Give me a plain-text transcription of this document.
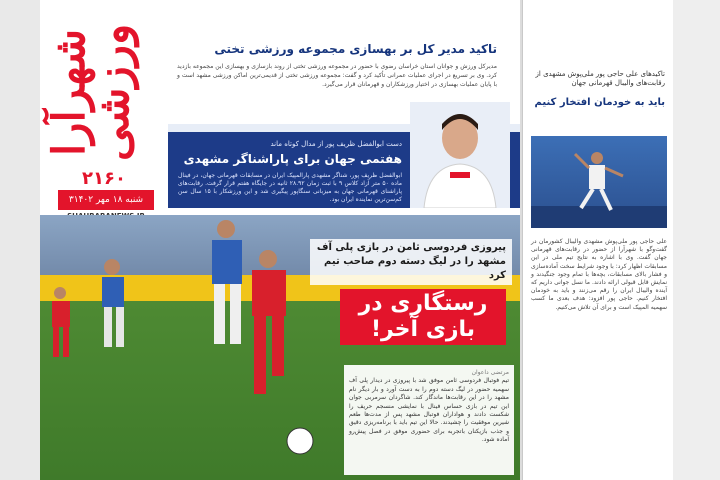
شهرآرا ورزشی
۲۱۶۰
۳شنبه ۱۸ مهر ۱۴۰۲
تاکید مدیر کل بر بهسازی مجموعه ورزشی تختی
مدیرکل ورزش و جوانان استان خراسان رضوی با حضور در مجموعه ورزشی تختی از روند بازسازی و بهسازی این مجموعه بازدید کرد. وی بر تسریع در اجرای عملیات عمرانی تأکید کرد و گفت: مجموعه ورزشی تختی از قدیمی‌ترین اماکن ورزشی مشهد است و با پایان عملیات بهسازی در اختیار ورزشکاران و قهرمانان قرار می‌گیرد.
دست ابوالفضل ظریف پور از مدال کوتاه ماند
هفتمی جهان برای پاراشناگر مشهدی
ابوالفضل ظریف پور، شناگر مشهدی پارالمپیک ایران در مسابقات قهرمانی جهان، در فینال ماده ۵۰ متر آزاد کلاس ۹ با ثبت زمان ۲۸.۹۲ ثانیه در جایگاه هفتم قرار گرفت. رقابت‌های پاراشنای قهرمانی جهان به میزبانی سنگاپور پیگیری شد و این ورزشکار با ۱۵ سال سن کم‌سن‌ترین نماینده ایران بود.
پیروزی فردوسی ثامن در بازی پلی آف مشهد را در لیگ دسته دوم صاحب تیم کرد
رستگاری در بازی آخر!
مرتضی داعوان
تیم فوتبال فردوسی ثامن موفق شد با پیروزی در دیدار پلی آف سهمیه حضور در لیگ دسته دوم را به دست آورد و بار دیگر نام مشهد را در این رقابت‌ها ماندگار کند. شاگردان سرمربی جوان این تیم در بازی حساس فینال با نمایشی منسجم حریف را شکست دادند و هواداران فوتبال مشهد پس از مدت‌ها طعم شیرین موفقیت را چشیدند. حالا این تیم باید با برنامه‌ریزی دقیق و جذب بازیکنان باتجربه برای حضوری موفق در فصل پیش‌رو آماده شود.
تاکیدهای علی حاجی پور ملی‌پوش مشهدی از رقابت‌های والیبال قهرمانی جهان
باید به خودمان افتخار کنیم
علی حاجی پور ملی‌پوش مشهدی والیبال کشورمان در گفت‌وگو با شهرآرا از حضور در رقابت‌های قهرمانی جهان گفت. وی با اشاره به نتایج تیم ملی در این مسابقات اظهار کرد: با وجود شرایط سخت آماده‌سازی و فشار بالای مسابقات، بچه‌ها با تمام وجود جنگیدند و نمایش قابل قبولی ارائه دادند. ما نسل جوانی داریم که آینده والیبال ایران را رقم می‌زنند و باید به خودمان افتخار کنیم. حاجی پور افزود: هدف بعدی ما کسب سهمیه المپیک است و برای آن تلاش می‌کنیم.
